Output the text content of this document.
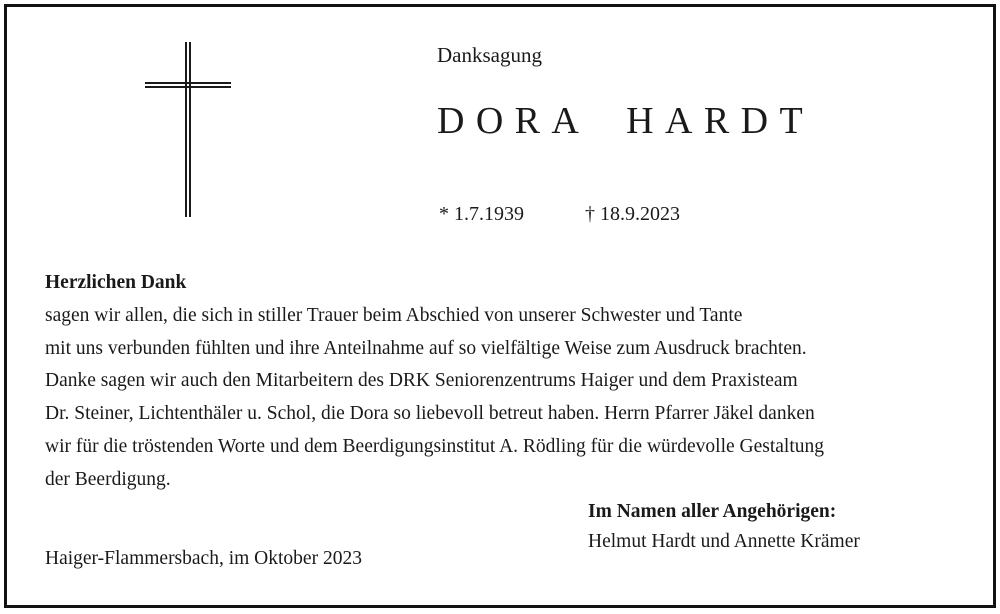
Danksagung
DORA HARDT
* 1.7.1939	† 18.9.2023
Herzlichen Dank
sagen wir allen, die sich in stiller Trauer beim Abschied von unserer Schwester und Tante
mit uns verbunden fühlten und ihre Anteilnahme auf so vielfältige Weise zum Ausdruck brachten.
Danke sagen wir auch den Mitarbeitern des DRK Seniorenzentrums Haiger und dem Praxisteam
Dr. Steiner, Lichtenthäler u. Schol, die Dora so liebevoll betreut haben. Herrn Pfarrer Jäkel danken
wir für die tröstenden Worte und dem Beerdigungsinstitut A. Rödling für die würdevolle Gestaltung
der Beerdigung.
Im Namen aller Angehörigen:
Helmut Hardt und Annette Krämer
Haiger-Flammersbach, im Oktober 2023
